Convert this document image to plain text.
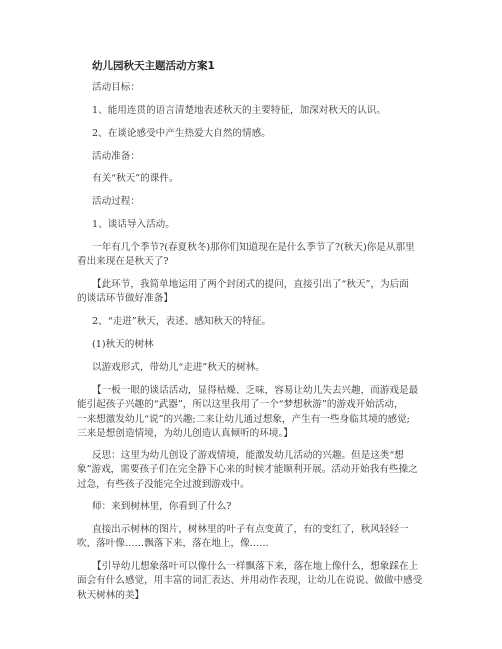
幼儿园秋天主题活动方案1
活动目标：
1、能用连贯的语言清楚地表述秋天的主要特征，加深对秋天的认识。
2、在谈论感受中产生热爱大自然的情感。
活动准备：
有关“秋天”的课件。
活动过程：
1、谈话导入活动。
一年有几个季节?(春夏秋冬)那你们知道现在是什么季节了?(秋天)你是从那里
看出来现在是秋天了?
【此环节，我简单地运用了两个封闭式的提问，直接引出了“秋天”，为后面
的谈话环节做好准备】
2、“走进”秋天，表述、感知秋天的特征。
(1)秋天的树林
以游戏形式，带幼儿“走进”秋天的树林。
【一板一眼的谈话活动，显得枯燥、乏味，容易让幼儿失去兴趣，而游戏是最
能引起孩子兴趣的“武器”，所以这里我用了一个“梦想秋游”的游戏开始活动，
一来想激发幼儿“说”的兴趣;二来让幼儿通过想象，产生有一些身临其境的感觉;
三来是想创造情境，为幼儿创造认真倾听的环境。】
反思：这里为幼儿创设了游戏情境，能激发幼儿活动的兴趣。但是这类“想
象”游戏，需要孩子们在完全静下心来的时候才能顺利开展。活动开始我有些操之
过急，有些孩子没能完全过渡到游戏中。
师：来到树林里，你看到了什么?
直接出示树林的图片，树林里的叶子有点变黄了，有的变红了，秋风轻轻一
吹，落叶像……飘落下来，落在地上，像……
【引导幼儿想象落叶可以像什么一样飘落下来，落在地上像什么，想象踩在上
面会有什么感觉，用丰富的词汇表达、并用动作表现，让幼儿在说说、做做中感受
秋天树林的美】
